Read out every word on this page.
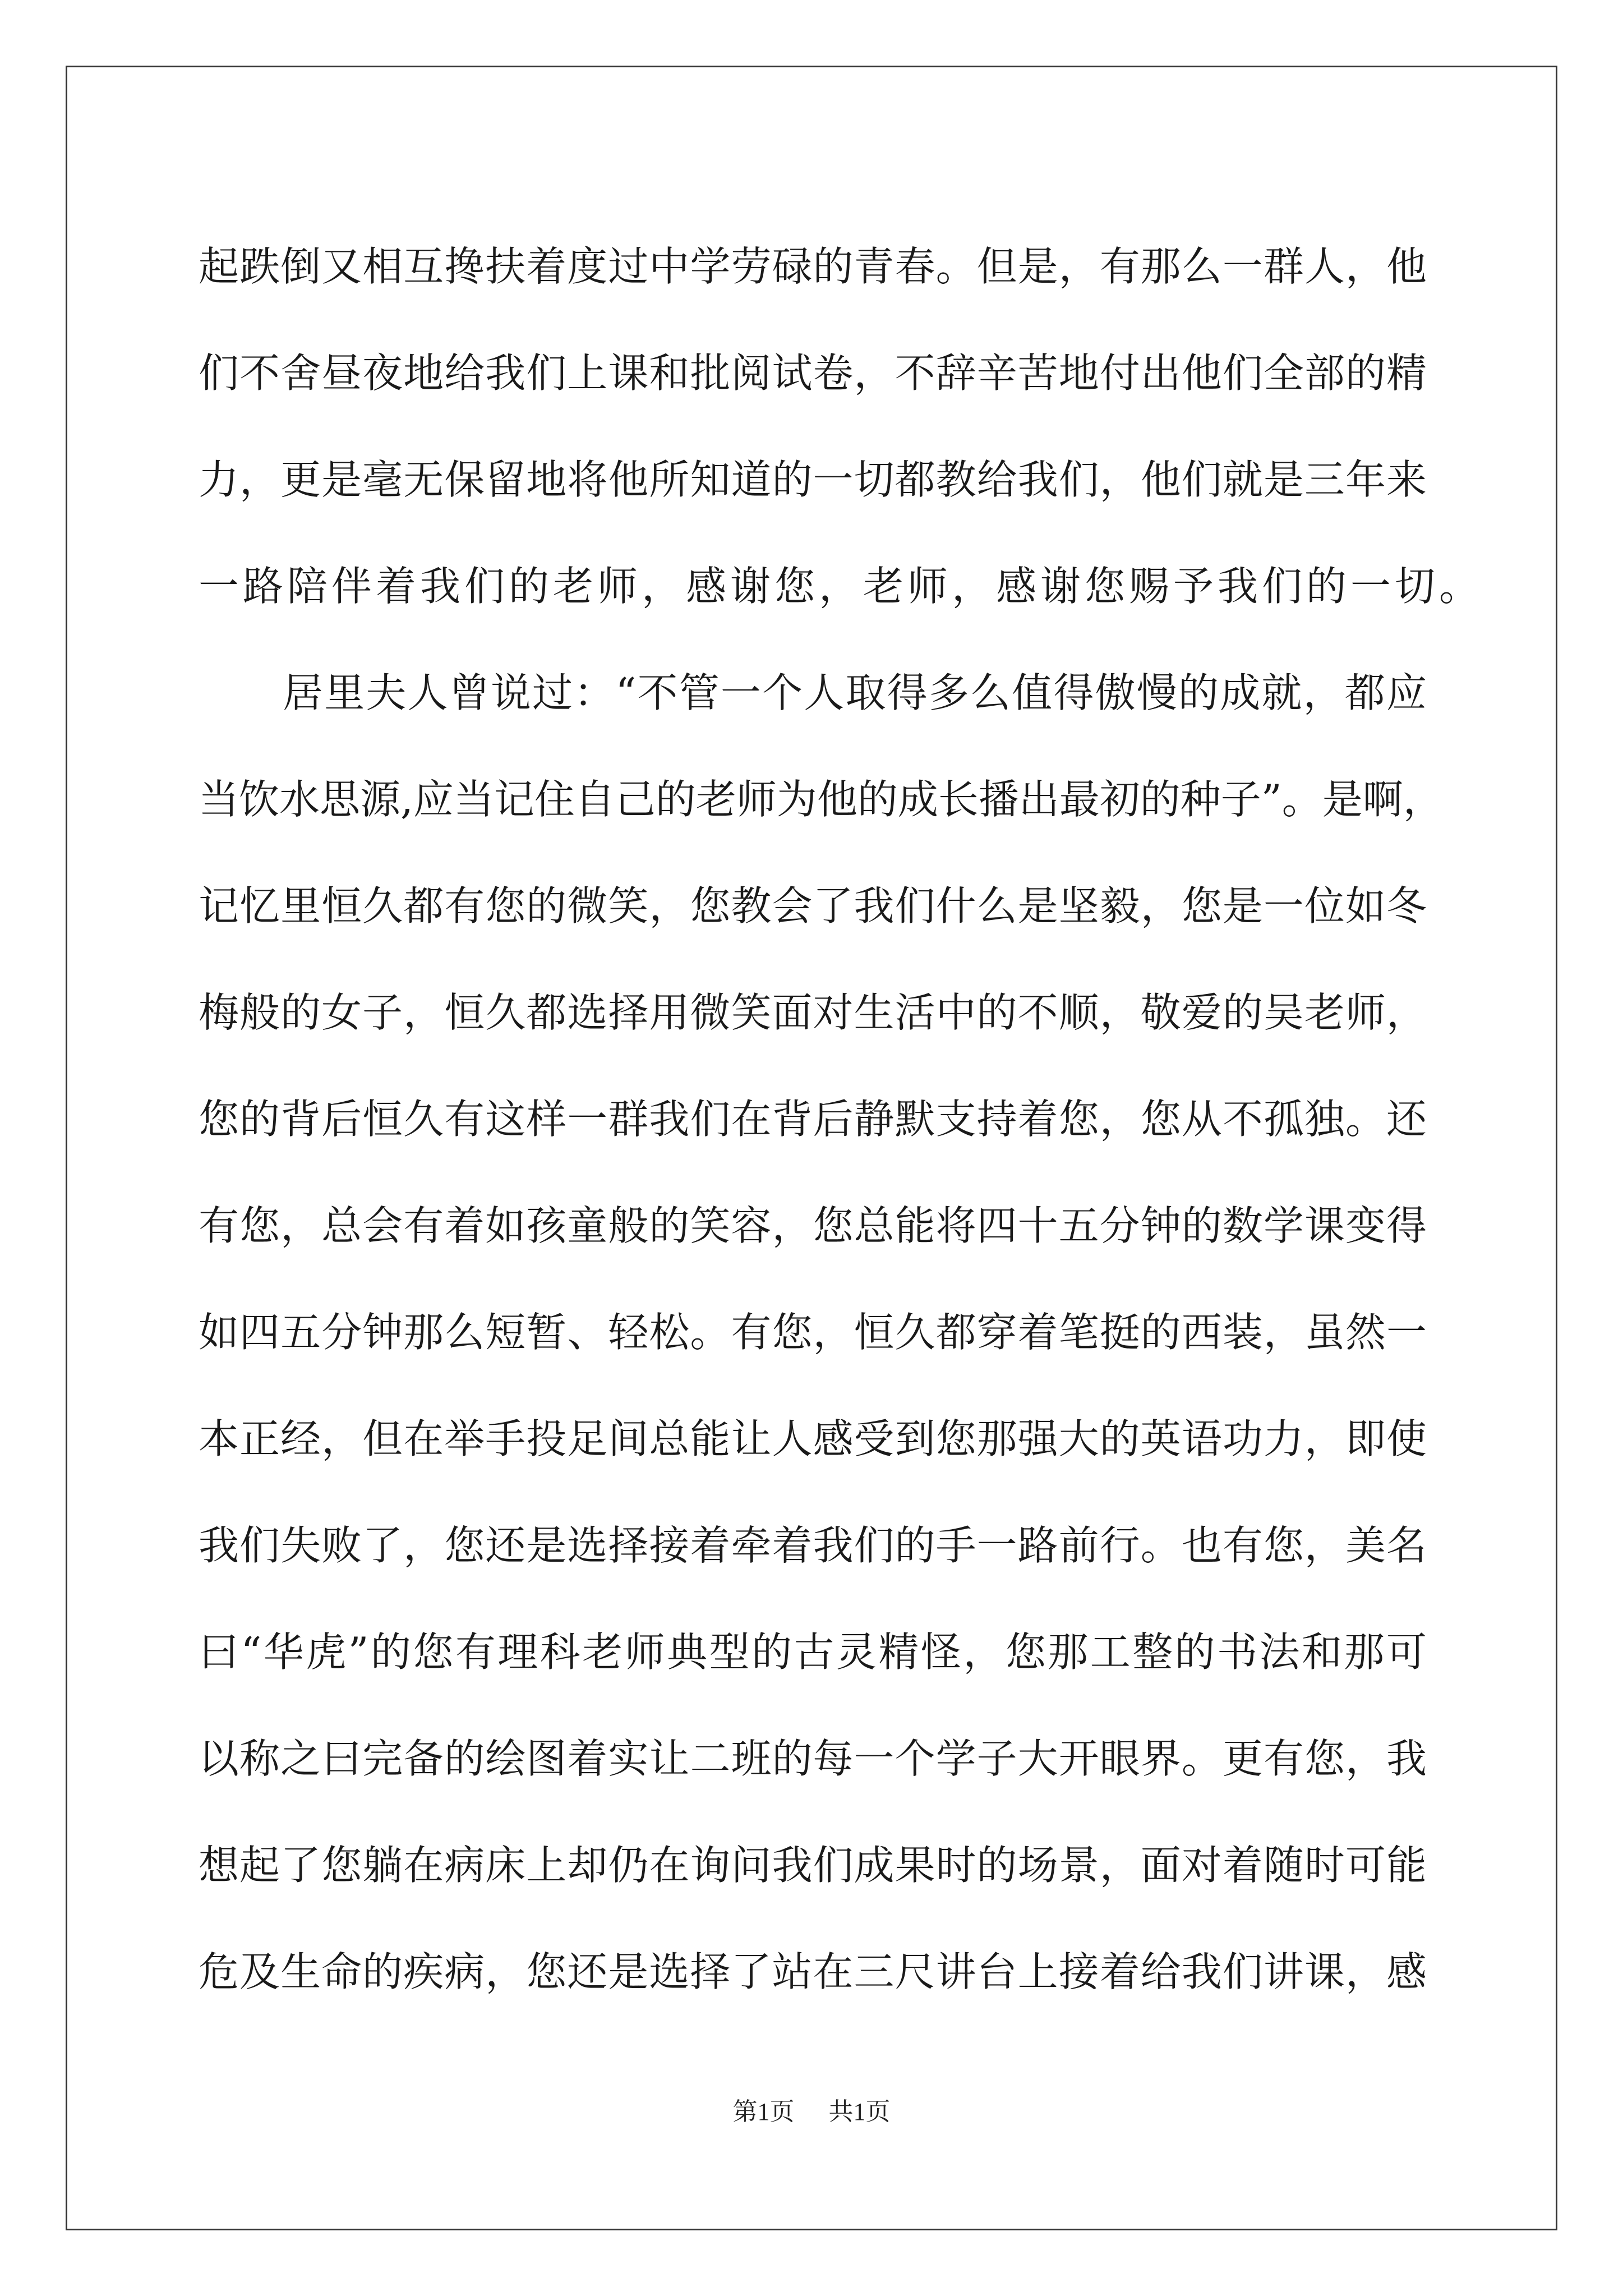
起跌倒又相互搀扶着度过中学劳碌的青春。但是，有那么一群人，他
们不舍昼夜地给我们上课和批阅试卷，不辞辛苦地付出他们全部的精
力，更是毫无保留地将他所知道的一切都教给我们，他们就是三年来
一路陪伴着我们的老师，感谢您，老师，感谢您赐予我们的一切。
居里夫人曾说过：“不管一个人取得多么值得傲慢的成就，都应
当饮水思源,应当记住自己的老师为他的成长播出最初的种子”。是啊，
记忆里恒久都有您的微笑，您教会了我们什么是坚毅，您是一位如冬
梅般的女子，恒久都选择用微笑面对生活中的不顺，敬爱的吴老师，
您的背后恒久有这样一群我们在背后静默支持着您，您从不孤独。还
有您，总会有着如孩童般的笑容，您总能将四十五分钟的数学课变得
如四五分钟那么短暂、轻松。有您，恒久都穿着笔挺的西装，虽然一
本正经，但在举手投足间总能让人感受到您那强大的英语功力，即使
我们失败了，您还是选择接着牵着我们的手一路前行。也有您，美名
曰“华虎”的您有理科老师典型的古灵精怪，您那工整的书法和那可
以称之曰完备的绘图着实让二班的每一个学子大开眼界。更有您，我
想起了您躺在病床上却仍在询问我们成果时的场景，面对着随时可能
危及生命的疾病，您还是选择了站在三尺讲台上接着给我们讲课，感
第1页 共1页
